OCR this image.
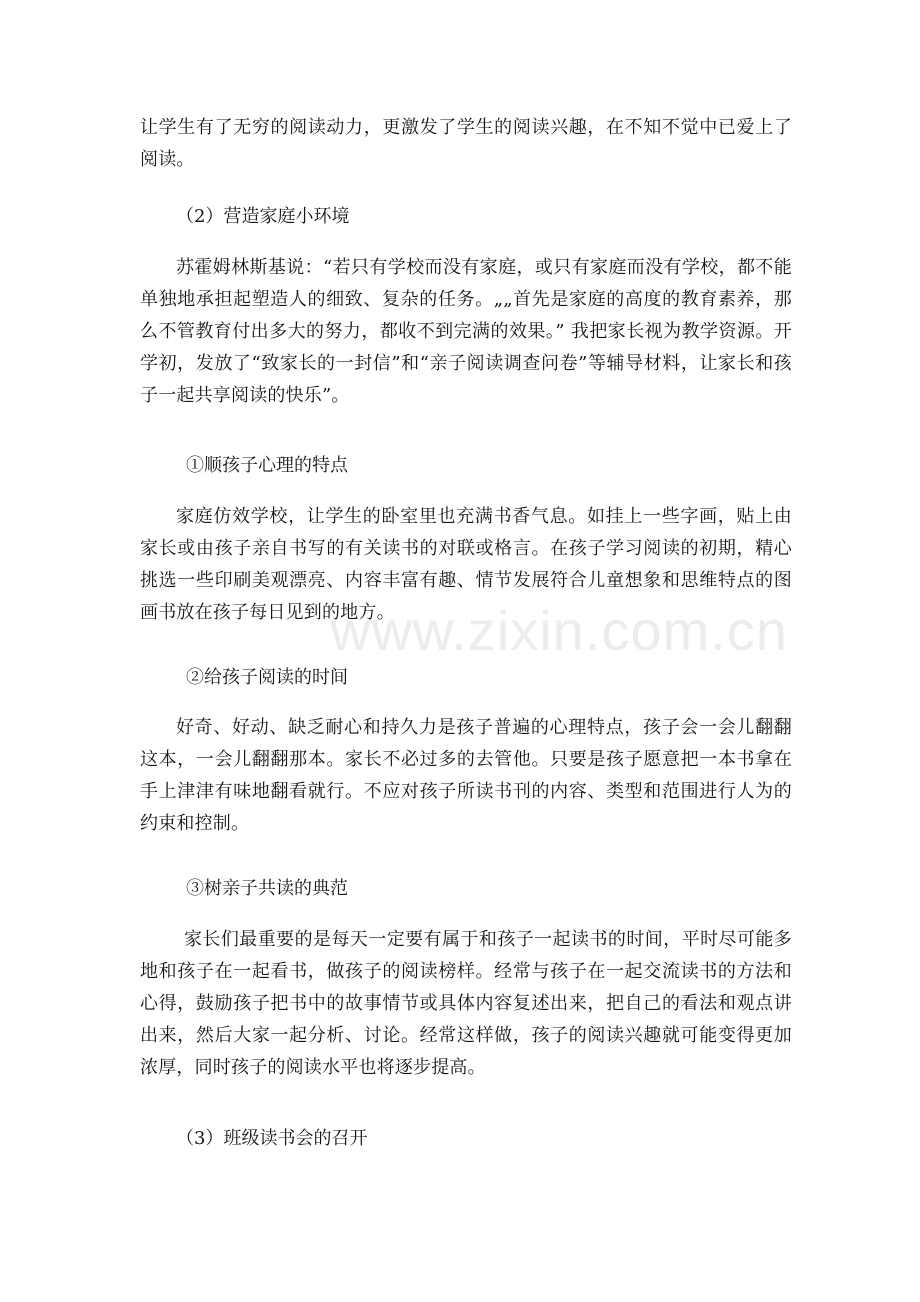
让学生有了无穷的阅读动力，更激发了学生的阅读兴趣，在不知不觉中已爱上了阅读。

（2）营造家庭小环境

苏霍姆林斯基说：“若只有学校而没有家庭，或只有家庭而没有学校，都不能单独地承担起塑造人的细致、复杂的任务。„„首先是家庭的高度的教育素养，那么不管教育付出多大的努力，都收不到完满的效果。” 我把家长视为教学资源。开学初，发放了“致家长的一封信”和“亲子阅读调查问卷”等辅导材料，让家长和孩子一起共享阅读的快乐”。

①顺孩子心理的特点

家庭仿效学校，让学生的卧室里也充满书香气息。如挂上一些字画，贴上由家长或由孩子亲自书写的有关读书的对联或格言。在孩子学习阅读的初期，精心挑选一些印刷美观漂亮、内容丰富有趣、情节发展符合儿童想象和思维特点的图画书放在孩子每日见到的地方。

②给孩子阅读的时间

好奇、好动、缺乏耐心和持久力是孩子普遍的心理特点，孩子会一会儿翻翻这本，一会儿翻翻那本。家长不必过多的去管他。只要是孩子愿意把一本书拿在手上津津有味地翻看就行。不应对孩子所读书刊的内容、类型和范围进行人为的约束和控制。

③树亲子共读的典范

家长们最重要的是每天一定要有属于和孩子一起读书的时间，平时尽可能多地和孩子在一起看书，做孩子的阅读榜样。经常与孩子在一起交流读书的方法和心得，鼓励孩子把书中的故事情节或具体内容复述出来，把自己的看法和观点讲出来，然后大家一起分析、讨论。经常这样做，孩子的阅读兴趣就可能变得更加浓厚，同时孩子的阅读水平也将逐步提高。

（3）班级读书会的召开

www.zixin.com.cn
